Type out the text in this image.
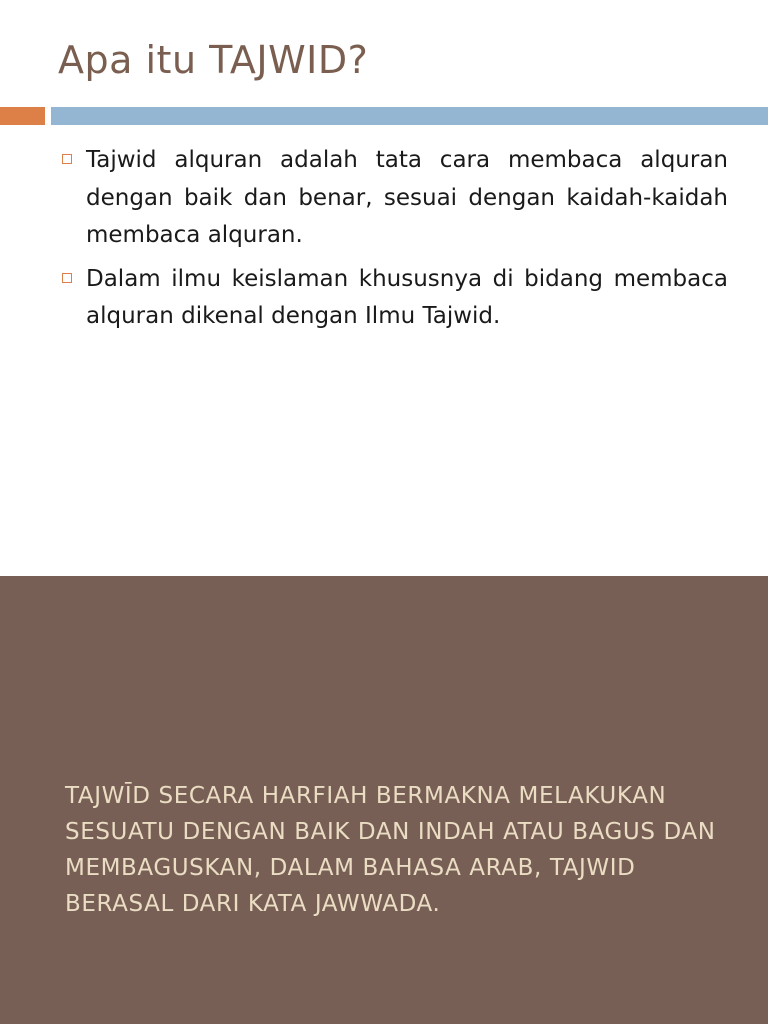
Apa itu TAJWID?
Tajwid alquran adalah tata cara membaca alquran dengan baik dan benar, sesuai dengan kaidah-kaidah membaca alquran.
Dalam ilmu keislaman khususnya di bidang membaca alquran dikenal dengan Ilmu Tajwid.

TAJWĪD SECARA HARFIAH BERMAKNA MELAKUKAN SESUATU DENGAN BAIK DAN INDAH ATAU BAGUS DAN MEMBAGUSKAN, DALAM BAHASA ARAB, TAJWID BERASAL DARI KATA JAWWADA.
